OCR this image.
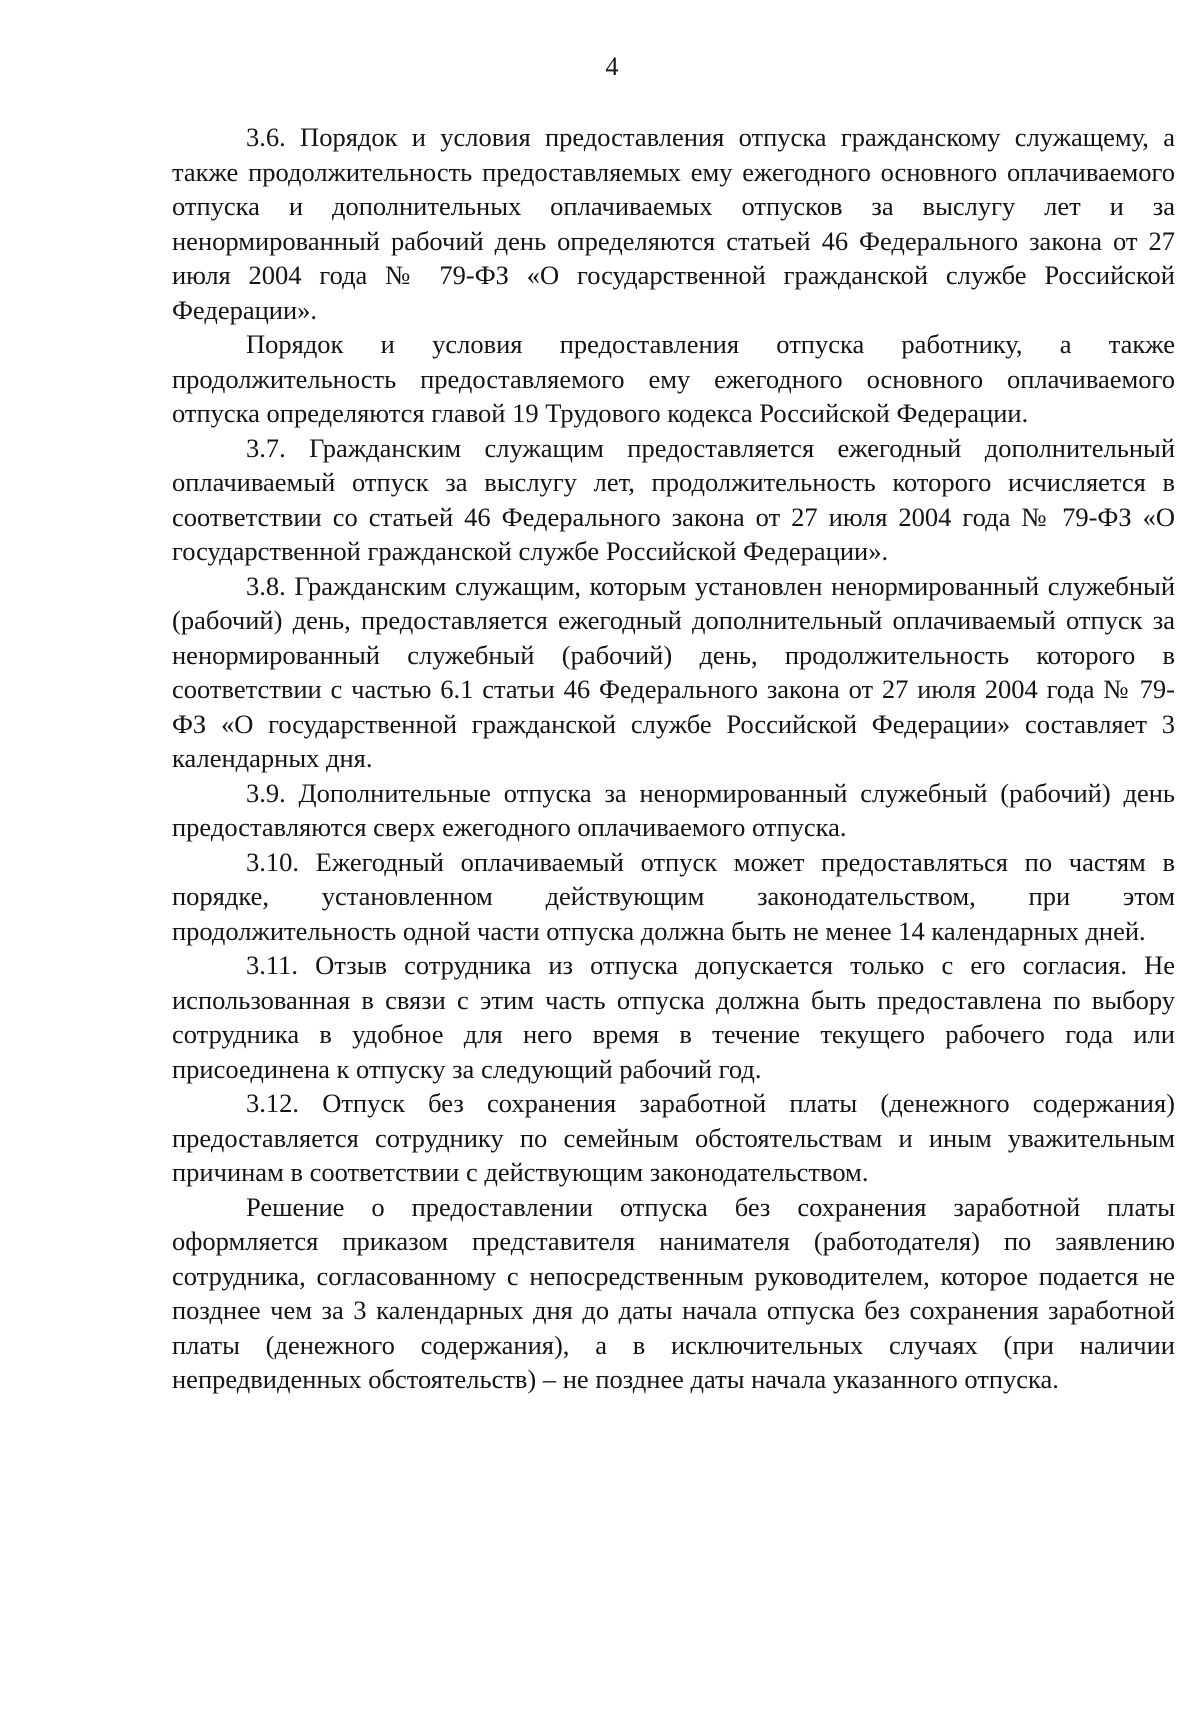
4

3.6. Порядок и условия предоставления отпуска гражданскому служащему, а также продолжительность предоставляемых ему ежегодного основного оплачиваемого отпуска и дополнительных оплачиваемых отпусков за выслугу лет и за ненормированный рабочий день определяются статьей 46 Федерального закона от 27 июля 2004 года № 79-ФЗ «О государственной гражданской службе Российской Федерации».

Порядок и условия предоставления отпуска работнику, а также продолжительность предоставляемого ему ежегодного основного оплачиваемого отпуска определяются главой 19 Трудового кодекса Российской Федерации.

3.7. Гражданским служащим предоставляется ежегодный дополнительный оплачиваемый отпуск за выслугу лет, продолжительность которого исчисляется в соответствии со статьей 46 Федерального закона от 27 июля 2004 года № 79-ФЗ «О государственной гражданской службе Российской Федерации».

3.8. Гражданским служащим, которым установлен ненормированный служебный (рабочий) день, предоставляется ежегодный дополнительный оплачиваемый отпуск за ненормированный служебный (рабочий) день, продолжительность которого в соответствии с частью 6.1 статьи 46 Федерального закона от 27 июля 2004 года № 79-ФЗ «О государственной гражданской службе Российской Федерации» составляет 3 календарных дня.

3.9. Дополнительные отпуска за ненормированный служебный (рабочий) день предоставляются сверх ежегодного оплачиваемого отпуска.

3.10. Ежегодный оплачиваемый отпуск может предоставляться по частям в порядке, установленном действующим законодательством, при этом продолжительность одной части отпуска должна быть не менее 14 календарных дней.

3.11. Отзыв сотрудника из отпуска допускается только с его согласия. Не использованная в связи с этим часть отпуска должна быть предоставлена по выбору сотрудника в удобное для него время в течение текущего рабочего года или присоединена к отпуску за следующий рабочий год.

3.12. Отпуск без сохранения заработной платы (денежного содержания) предоставляется сотруднику по семейным обстоятельствам и иным уважительным причинам в соответствии с действующим законодательством.

Решение о предоставлении отпуска без сохранения заработной платы оформляется приказом представителя нанимателя (работодателя) по заявлению сотрудника, согласованному с непосредственным руководителем, которое подается не позднее чем за 3 календарных дня до даты начала отпуска без сохранения заработной платы (денежного содержания), а в исключительных случаях (при наличии непредвиденных обстоятельств) – не позднее даты начала указанного отпуска.
